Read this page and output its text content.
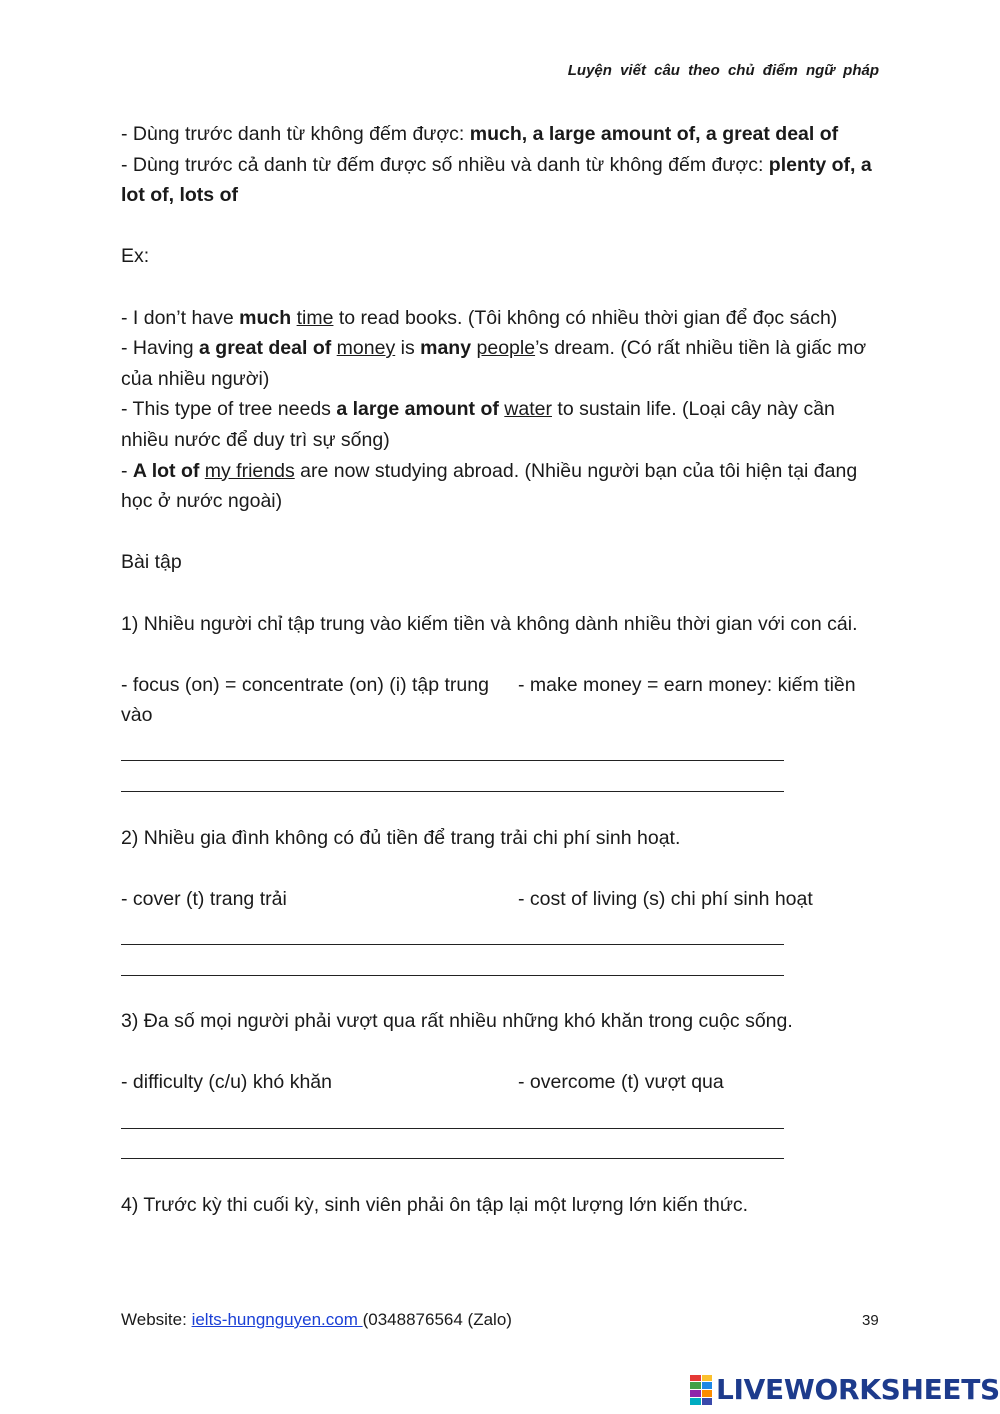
Luyện viết câu theo chủ điểm ngữ pháp

- Dùng trước danh từ không đếm được: much, a large amount of, a great deal of

- Dùng trước cả danh từ đếm được số nhiều và danh từ không đếm được: plenty of, a lot of, lots of

Ex:

- I don’t have much time to read books. (Tôi không có nhiều thời gian để đọc sách)

- Having a great deal of money is many people’s dream. (Có rất nhiều tiền là giấc mơ của nhiều người)

- This type of tree needs a large amount of water to sustain life. (Loại cây này cần nhiều nước để duy trì sự sống)

- A lot of my friends are now studying abroad. (Nhiều người bạn của tôi hiện tại đang học ở nước ngoài)

Bài tập

1) Nhiều người chỉ tập trung vào kiếm tiền và không dành nhiều thời gian với con cái.

- focus (on) = concentrate (on) (i) tập trung vào
- make money = earn money: kiếm tiền

2) Nhiều gia đình không có đủ tiền để trang trải chi phí sinh hoạt.

- cover (t) trang trải	- cost of living (s) chi phí sinh hoạt

3) Đa số mọi người phải vượt qua rất nhiều những khó khăn trong cuộc sống.

- difficulty (c/u) khó khăn	- overcome (t) vượt qua

4) Trước kỳ thi cuối kỳ, sinh viên phải ôn tập lại một lượng lớn kiến thức.

Website: ielts-hungnguyen.com (0348876564 (Zalo)	39
LIVEWORKSHEETS
